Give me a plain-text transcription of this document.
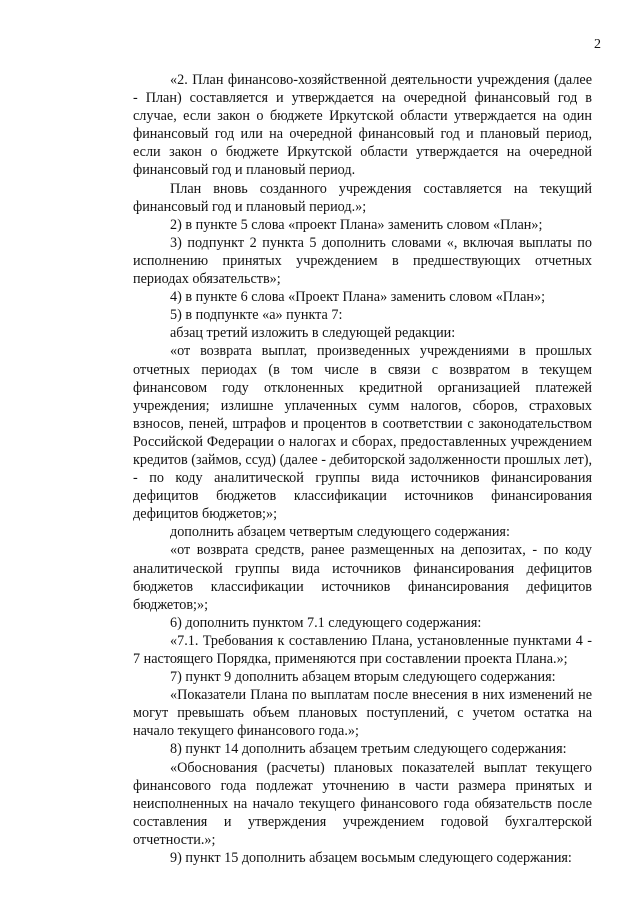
2

«2. План финансово-хозяйственной деятельности учреждения (далее - План) составляется и утверждается на очередной финансовый год в случае, если закон о бюджете Иркутской области утверждается на один финансовый год или на очередной финансовый год и плановый период, если закон о бюджете Иркутской области утверждается на очередной финансовый год и плановый период.

План вновь созданного учреждения составляется на текущий финансовый год и плановый период.»;

2) в пункте 5 слова «проект Плана» заменить словом «План»;

3) подпункт 2 пункта 5 дополнить словами «, включая выплаты по исполнению принятых учреждением в предшествующих отчетных периодах обязательств»;

4) в пункте 6 слова «Проект Плана» заменить словом «План»;

5) в подпункте «а» пункта 7:

абзац третий изложить в следующей редакции:

«от возврата выплат, произведенных учреждениями в прошлых отчетных периодах (в том числе в связи с возвратом в текущем финансовом году отклоненных кредитной организацией платежей учреждения; излишне уплаченных сумм налогов, сборов, страховых взносов, пеней, штрафов и процентов в соответствии с законодательством Российской Федерации о налогах и сборах, предоставленных учреждением кредитов (займов, ссуд) (далее - дебиторской задолженности прошлых лет), - по коду аналитической группы вида источников финансирования дефицитов бюджетов классификации источников финансирования дефицитов бюджетов;»;

дополнить абзацем четвертым следующего содержания:

«от возврата средств, ранее размещенных на депозитах, - по коду аналитической группы вида источников финансирования дефицитов бюджетов классификации источников финансирования дефицитов бюджетов;»;

6) дополнить пунктом 7.1 следующего содержания:

«7.1. Требования к составлению Плана, установленные пунктами 4 - 7 настоящего Порядка, применяются при составлении проекта Плана.»;

7) пункт 9 дополнить абзацем вторым следующего содержания:

«Показатели Плана по выплатам после внесения в них изменений не могут превышать объем плановых поступлений, с учетом остатка на начало текущего финансового года.»;

8) пункт 14 дополнить абзацем третьим следующего содержания:

«Обоснования (расчеты) плановых показателей выплат текущего финансового года подлежат уточнению в части размера принятых и неисполненных на начало текущего финансового года обязательств после составления и утверждения учреждением годовой бухгалтерской отчетности.»;

9) пункт 15 дополнить абзацем восьмым следующего содержания:
